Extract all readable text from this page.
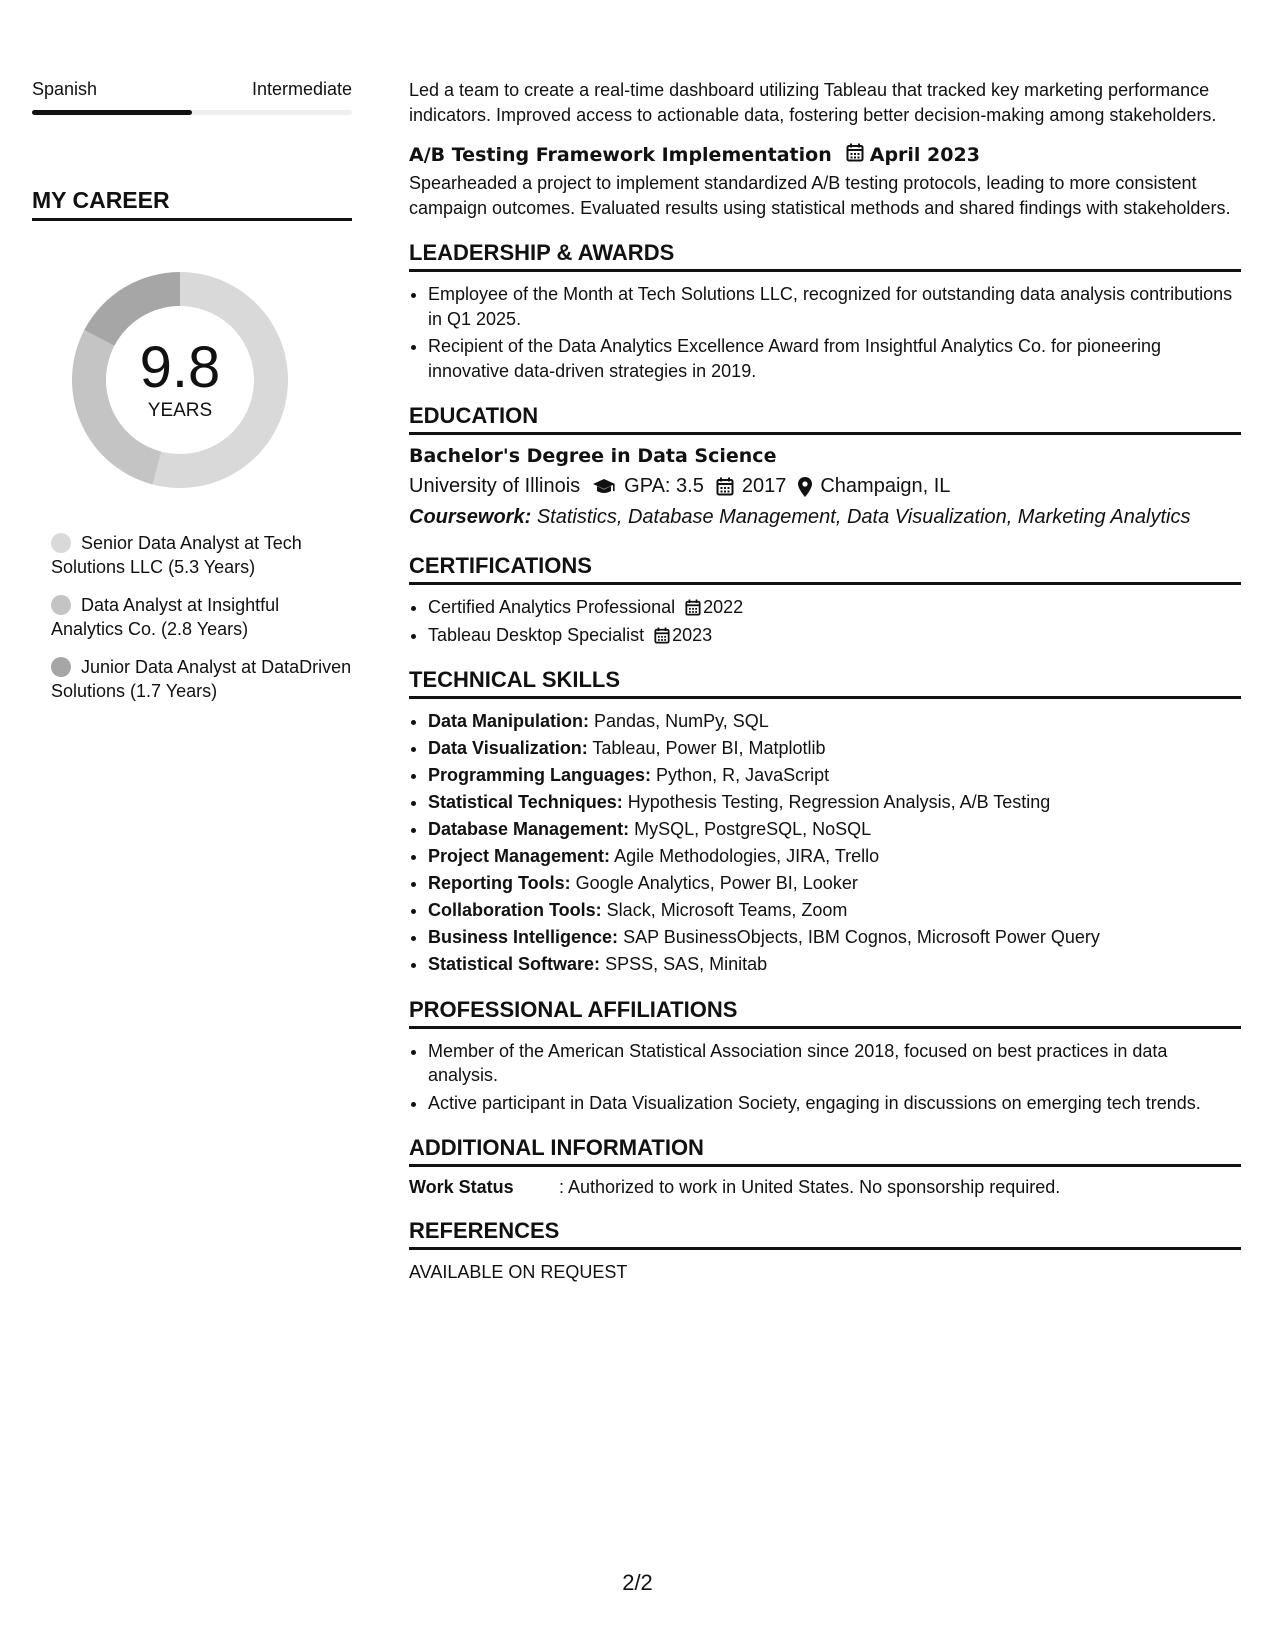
Spanish	Intermediate
MY CAREER
9.8
YEARS
Senior Data Analyst at Tech Solutions LLC (5.3 Years)
Data Analyst at Insightful Analytics Co. (2.8 Years)
Junior Data Analyst at DataDriven Solutions (1.7 Years)

Led a team to create a real-time dashboard utilizing Tableau that tracked key marketing performance indicators. Improved access to actionable data, fostering better decision-making among stakeholders.

A/B Testing Framework Implementation April 2023

Spearheaded a project to implement standardized A/B testing protocols, leading to more consistent campaign outcomes. Evaluated results using statistical methods and shared findings with stakeholders.

LEADERSHIP & AWARDS
• Employee of the Month at Tech Solutions LLC, recognized for outstanding data analysis contributions in Q1 2025.
• Recipient of the Data Analytics Excellence Award from Insightful Analytics Co. for pioneering innovative data-driven strategies in 2019.
EDUCATION
Bachelor's Degree in Data Science
University of Illinois GPA: 3.5 2017 Champaign, IL
Coursework: Statistics, Database Management, Data Visualization, Marketing Analytics
CERTIFICATIONS
• Certified Analytics Professional 2022
• Tableau Desktop Specialist 2023
TECHNICAL SKILLS
• Data Manipulation: Pandas, NumPy, SQL
• Data Visualization: Tableau, Power BI, Matplotlib
• Programming Languages: Python, R, JavaScript
• Statistical Techniques: Hypothesis Testing, Regression Analysis, A/B Testing
• Database Management: MySQL, PostgreSQL, NoSQL
• Project Management: Agile Methodologies, JIRA, Trello
• Reporting Tools: Google Analytics, Power BI, Looker
• Collaboration Tools: Slack, Microsoft Teams, Zoom
• Business Intelligence: SAP BusinessObjects, IBM Cognos, Microsoft Power Query
• Statistical Software: SPSS, SAS, Minitab
PROFESSIONAL AFFILIATIONS
• Member of the American Statistical Association since 2018, focused on best practices in data analysis.
• Active participant in Data Visualization Society, engaging in discussions on emerging tech trends.
ADDITIONAL INFORMATION
Work Status	: Authorized to work in United States. No sponsorship required.
REFERENCES
AVAILABLE ON REQUEST
2/2
